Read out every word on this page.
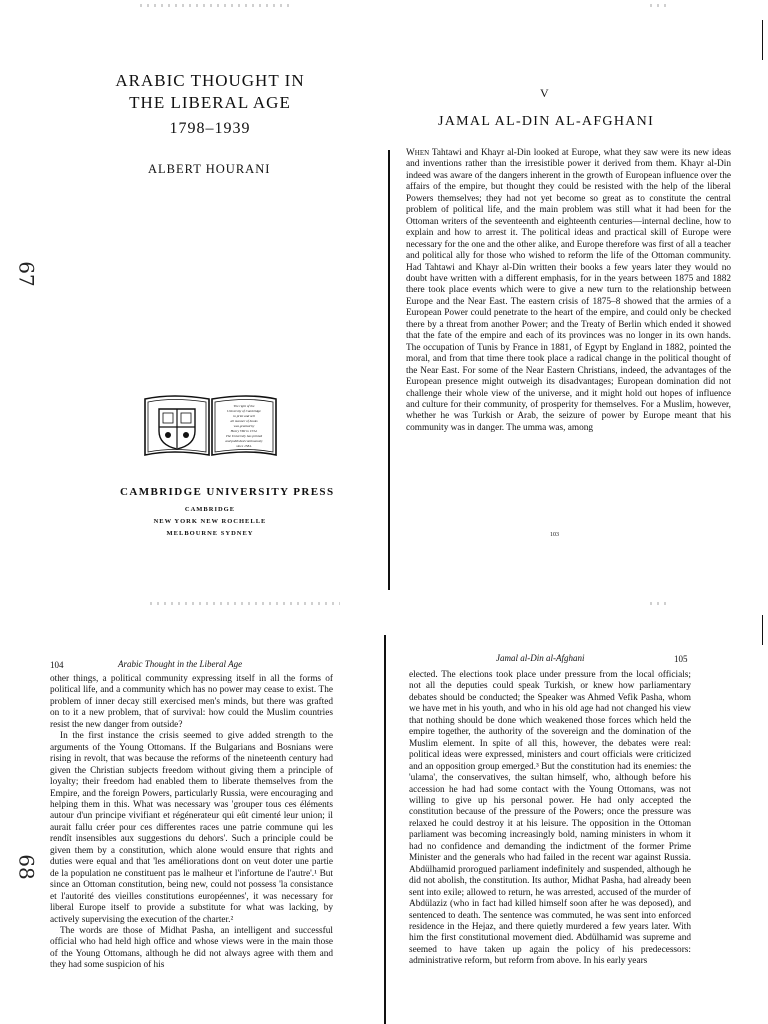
67
68
ARABIC THOUGHT IN
THE LIBERAL AGE
1798–1939
ALBERT HOURANI
The right of the
University of Cambridge
to print and sell
all manner of books
was granted by
Henry VIII in 1534.
The University has printed
and published continuously
since 1584.
CAMBRIDGE UNIVERSITY PRESS
CAMBRIDGE
NEW YORK NEW ROCHELLE
MELBOURNE SYDNEY
V
JAMAL AL-DIN AL-AFGHANI

When Tahtawi and Khayr al-Din looked at Europe, what they saw were its new ideas and inventions rather than the irresistible power it derived from them. Khayr al-Din indeed was aware of the dangers inherent in the growth of European influence over the affairs of the empire, but thought they could be resisted with the help of the liberal Powers themselves; they had not yet become so great as to constitute the central problem of political life, and the main problem was still what it had been for the Ottoman writers of the seventeenth and eighteenth centuries—internal decline, how to explain and how to arrest it. The political ideas and practical skill of Europe were necessary for the one and the other alike, and Europe therefore was first of all a teacher and political ally for those who wished to reform the life of the Ottoman community. Had Tahtawi and Khayr al-Din written their books a few years later they would no doubt have written with a different emphasis, for in the years between 1875 and 1882 there took place events which were to give a new turn to the relationship between Europe and the Near East. The eastern crisis of 1875–8 showed that the armies of a European Power could penetrate to the heart of the empire, and could only be checked there by a threat from another Power; and the Treaty of Berlin which ended it showed that the fate of the empire and each of its provinces was no longer in its own hands. The occupation of Tunis by France in 1881, of Egypt by England in 1882, pointed the moral, and from that time there took place a radical change in the political thought of the Near East. For some of the Near Eastern Christians, indeed, the advantages of the European presence might outweigh its disadvantages; European domination did not challenge their whole view of the universe, and it might hold out hopes of influence and culture for their community, of prosperity for themselves. For a Muslim, however, whether he was Turkish or Arab, the seizure of power by Europe meant that his community was in danger. The umma was, among

103
104	Arabic Thought in the Liberal Age

other things, a political community expressing itself in all the forms of political life, and a community which has no power may cease to exist. The problem of inner decay still exercised men's minds, but there was grafted on to it a new problem, that of survival: how could the Muslim countries resist the new danger from outside?

In the first instance the crisis seemed to give added strength to the arguments of the Young Ottomans. If the Bulgarians and Bosnians were rising in revolt, that was because the reforms of the nineteenth century had given the Christian subjects freedom without giving them a principle of loyalty; their freedom had enabled them to liberate themselves from the Empire, and the foreign Powers, particularly Russia, were encouraging and helping them in this. What was necessary was 'grouper tous ces éléments autour d'un principe vivifiant et régénerateur qui eût cimenté leur union; il aurait fallu créer pour ces differentes races une patrie commune qui les rendît insensibles aux suggestions du dehors'. Such a principle could be given them by a constitution, which alone would ensure that rights and duties were equal and that 'les améliorations dont on veut doter une partie de la population ne constituent pas le malheur et l'infortune de l'autre'.¹ But since an Ottoman constitution, being new, could not possess 'la consistance et l'autorité des vieilles constitutions européennes', it was necessary for liberal Europe itself to provide a substitute for what was lacking, by actively supervising the execution of the charter.²

The words are those of Midhat Pasha, an intelligent and successful official who had held high office and whose views were in the main those of the Young Ottomans, although he did not always agree with them and they had some suspicion of his

Jamal al-Din al-Afghani	105

elected. The elections took place under pressure from the local officials; not all the deputies could speak Turkish, or knew how parliamentary debates should be conducted; the Speaker was Ahmed Vefik Pasha, whom we have met in his youth, and who in his old age had not changed his view that nothing should be done which weakened those forces which held the empire together, the authority of the sovereign and the domination of the Muslim element. In spite of all this, however, the debates were real: political ideas were expressed, ministers and court officials were criticized and an opposition group emerged.³ But the constitution had its enemies: the 'ulama', the conservatives, the sultan himself, who, although before his accession he had had some contact with the Young Ottomans, was not willing to give up his personal power. He had only accepted the constitution because of the pressure of the Powers; once the pressure was relaxed he could destroy it at his leisure. The opposition in the Ottoman parliament was becoming increasingly bold, naming ministers in whom it had no confidence and demanding the indictment of the former Prime Minister and the generals who had failed in the recent war against Russia. Abdülhamid prorogued parliament indefinitely and suspended, although he did not abolish, the constitution. Its author, Midhat Pasha, had already been sent into exile; allowed to return, he was arrested, accused of the murder of Abdülaziz (who in fact had killed himself soon after he was deposed), and sentenced to death. The sentence was commuted, he was sent into enforced residence in the Hejaz, and there quietly murdered a few years later. With him the first constitutional movement died. Abdülhamid was supreme and seemed to have taken up again the policy of his predecessors: administrative reform, but reform from above. In his early years
